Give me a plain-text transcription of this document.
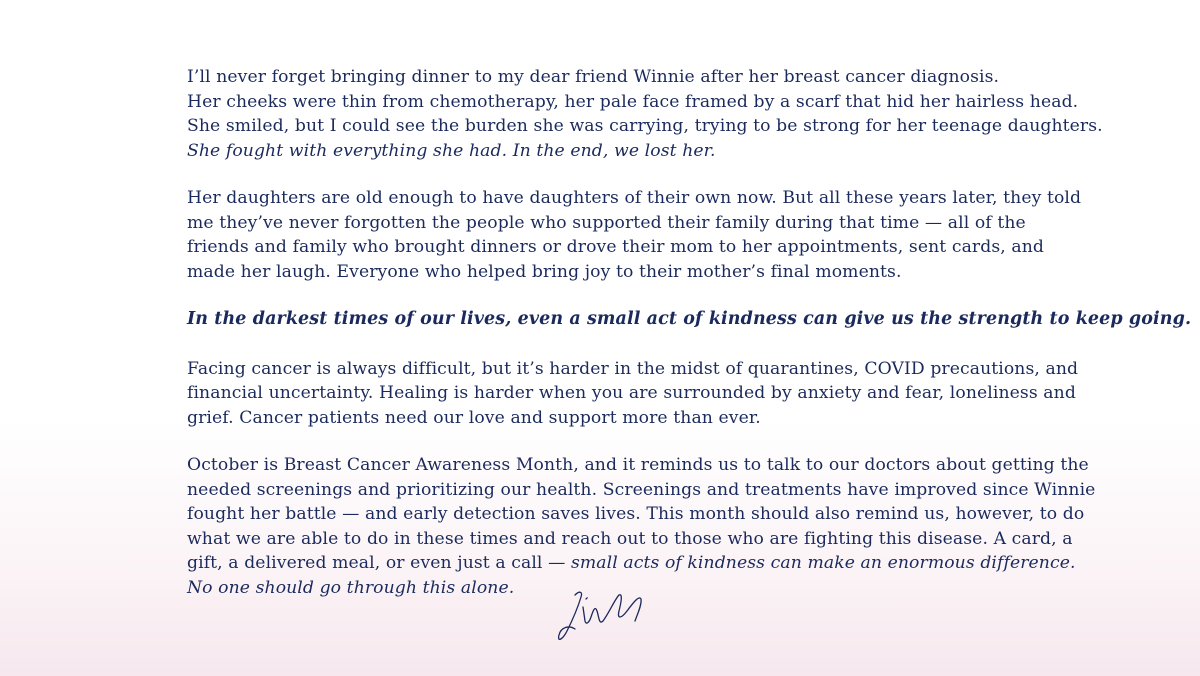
I’ll never forget bringing dinner to my dear friend Winnie after her breast cancer diagnosis.
Her cheeks were thin from chemotherapy, her pale face framed by a scarf that hid her hairless head.
She smiled, but I could see the burden she was carrying, trying to be strong for her teenage daughters.
She fought with everything she had. In the end, we lost her.
Her daughters are old enough to have daughters of their own now. But all these years later, they told
me they’ve never forgotten the people who supported their family during that time — all of the
friends and family who brought dinners or drove their mom to her appointments, sent cards, and
made her laugh. Everyone who helped bring joy to their mother’s final moments.
In the darkest times of our lives, even a small act of kindness can give us the strength to keep going.
Facing cancer is always difficult, but it’s harder in the midst of quarantines, COVID precautions, and
financial uncertainty. Healing is harder when you are surrounded by anxiety and fear, loneliness and
grief. Cancer patients need our love and support more than ever.
October is Breast Cancer Awareness Month, and it reminds us to talk to our doctors about getting the
needed screenings and prioritizing our health. Screenings and treatments have improved since Winnie
fought her battle — and early detection saves lives. This month should also remind us, however, to do
what we are able to do in these times and reach out to those who are fighting this disease. A card, a
gift, a delivered meal, or even just a call — small acts of kindness can make an enormous difference.
No one should go through this alone.
